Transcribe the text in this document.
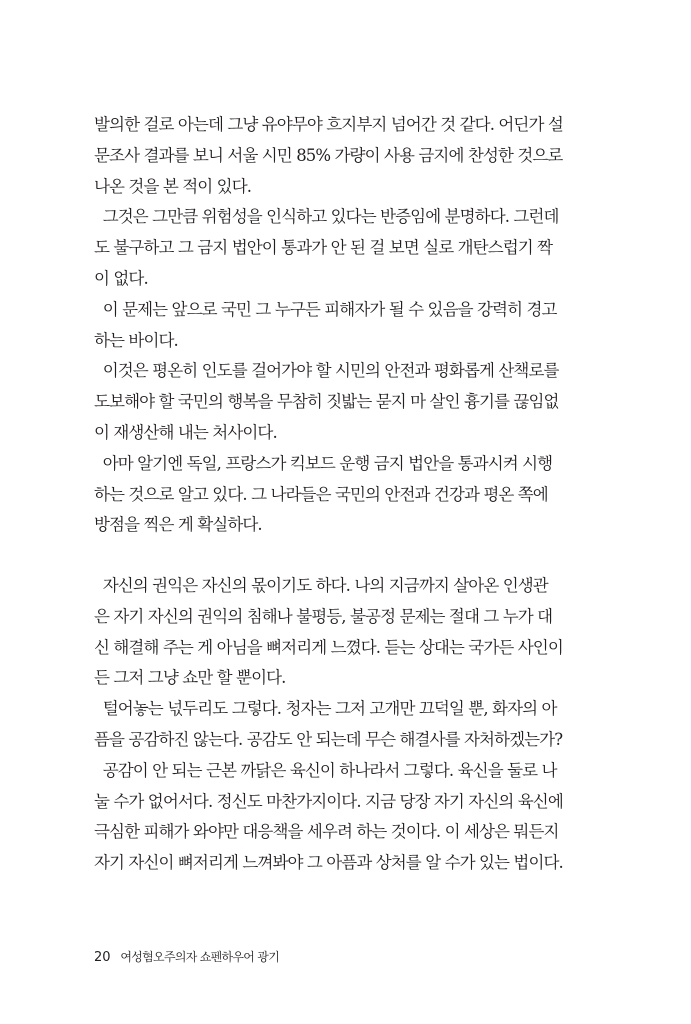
발의한 걸로 아는데 그냥 유야무야 흐지부지 넘어간 것 같다. 어딘가 설
문조사 결과를 보니 서울 시민 85% 가량이 사용 금지에 찬성한 것으로
나온 것을 본 적이 있다.
그것은 그만큼 위험성을 인식하고 있다는 반증임에 분명하다. 그런데
도 불구하고 그 금지 법안이 통과가 안 된 걸 보면 실로 개탄스럽기 짝
이 없다.
이 문제는 앞으로 국민 그 누구든 피해자가 될 수 있음을 강력히 경고
하는 바이다.
이것은 평온히 인도를 걸어가야 할 시민의 안전과 평화롭게 산책로를
도보해야 할 국민의 행복을 무참히 짓밟는 묻지 마 살인 흉기를 끊임없
이 재생산해 내는 처사이다.
아마 알기엔 독일, 프랑스가 킥보드 운행 금지 법안을 통과시켜 시행
하는 것으로 알고 있다. 그 나라들은 국민의 안전과 건강과 평온 쪽에
방점을 찍은 게 확실하다.
자신의 권익은 자신의 몫이기도 하다. 나의 지금까지 살아온 인생관
은 자기 자신의 권익의 침해나 불평등, 불공정 문제는 절대 그 누가 대
신 해결해 주는 게 아님을 뼈저리게 느꼈다. 듣는 상대는 국가든 사인이
든 그저 그냥 쇼만 할 뿐이다.
털어놓는 넋두리도 그렇다. 청자는 그저 고개만 끄덕일 뿐, 화자의 아
픔을 공감하진 않는다. 공감도 안 되는데 무슨 해결사를 자처하겠는가?
공감이 안 되는 근본 까닭은 육신이 하나라서 그렇다. 육신을 둘로 나
눌 수가 없어서다. 정신도 마찬가지이다. 지금 당장 자기 자신의 육신에
극심한 피해가 와야만 대응책을 세우려 하는 것이다. 이 세상은 뭐든지
자기 자신이 뼈저리게 느껴봐야 그 아픔과 상처를 알 수가 있는 법이다.
20 여성혐오주의자 쇼펜하우어 광기
